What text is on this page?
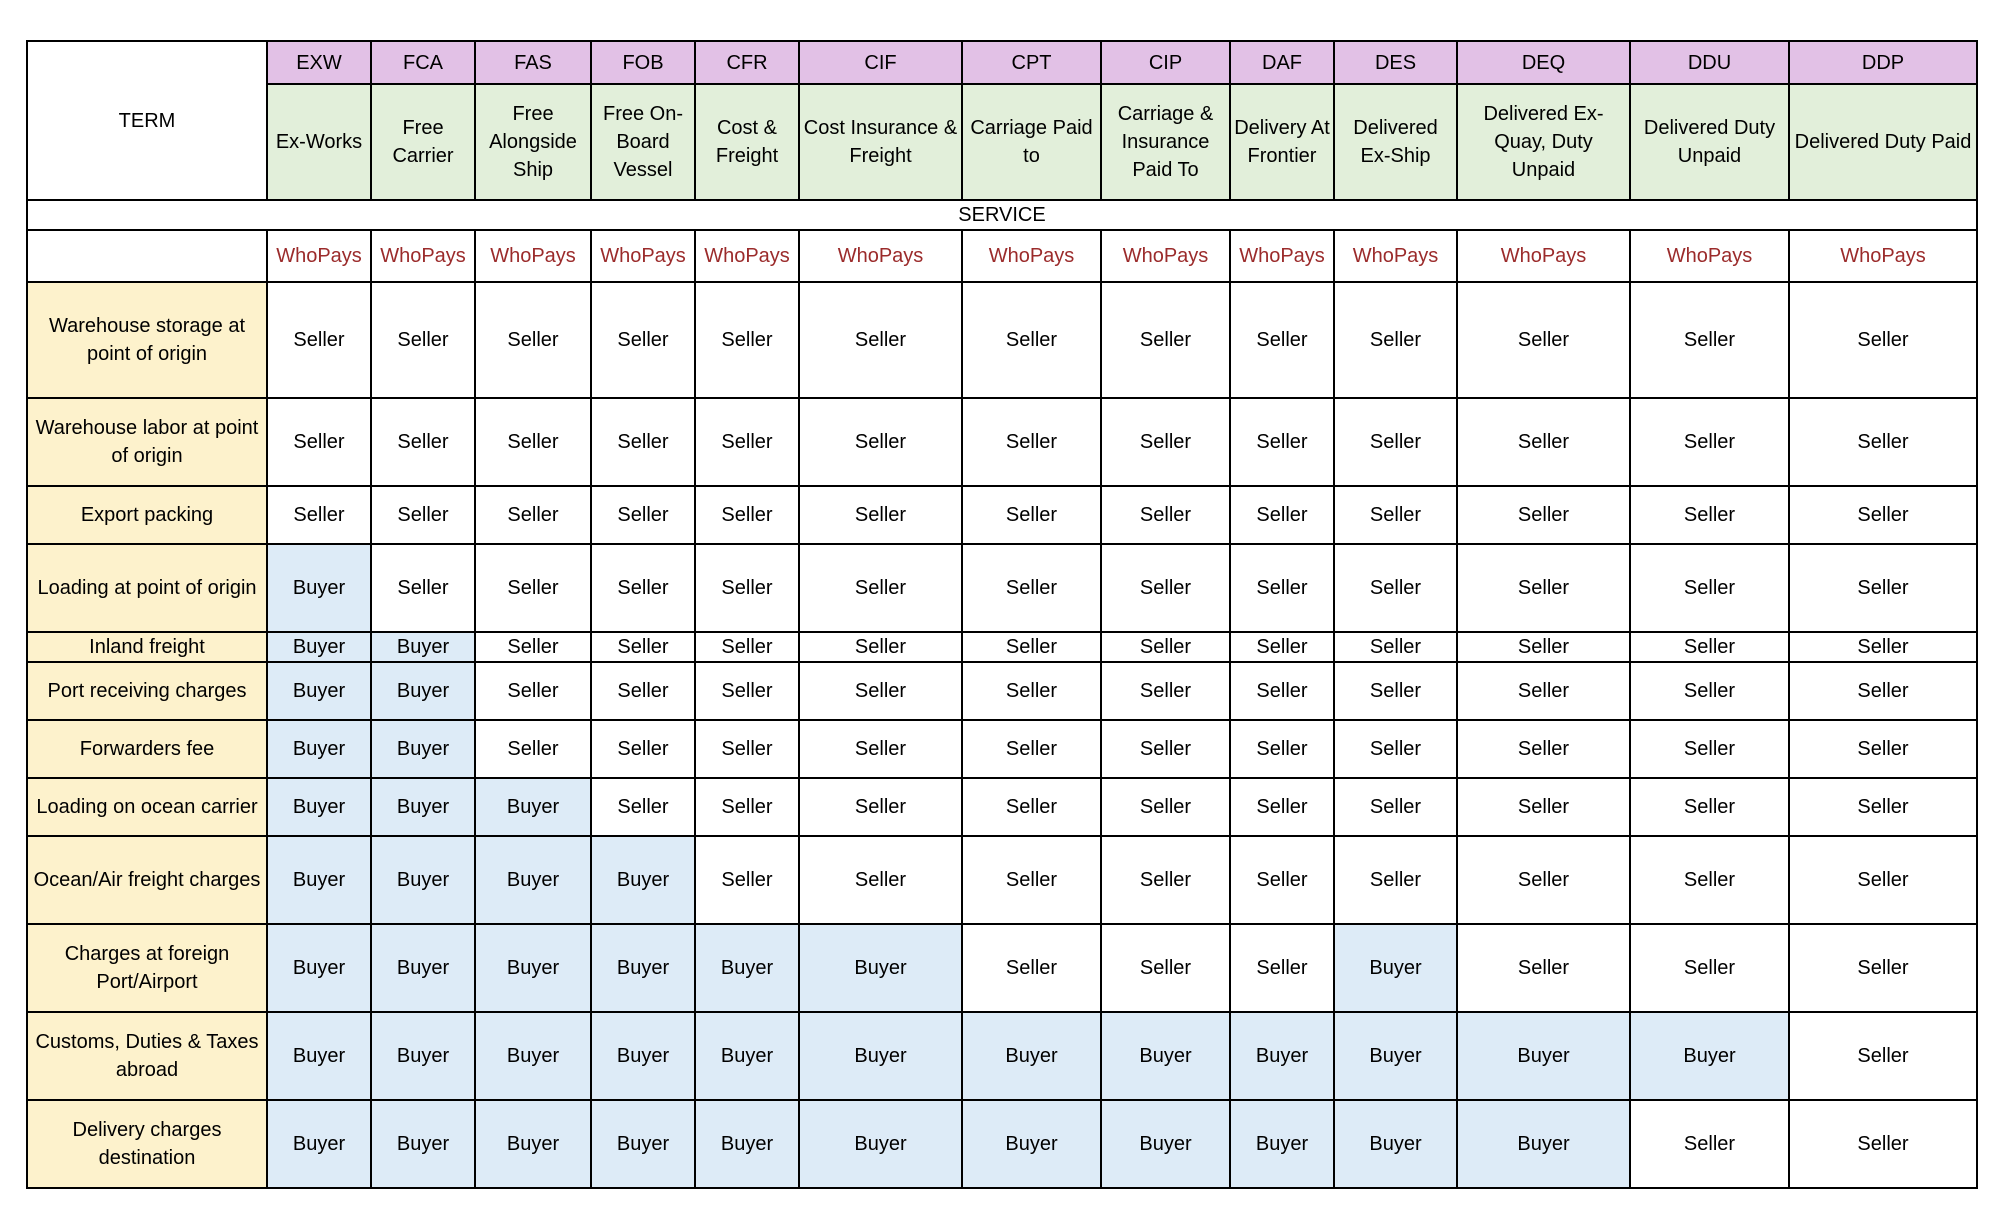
TERM	EXW	FCA	FAS	FOB	CFR	CIF	CPT	CIP	DAF	DES	DEQ	DDU	DDP
	Ex-Works	Free Carrier	Free Alongside Ship	Free On-Board Vessel	Cost & Freight	Cost Insurance & Freight	Carriage Paid to	Carriage & Insurance Paid To	Delivery At Frontier	Delivered Ex-Ship	Delivered Ex-Quay, Duty Unpaid	Delivered Duty Unpaid	Delivered Duty Paid
SERVICE													
	WhoPays	WhoPays	WhoPays	WhoPays	WhoPays	WhoPays	WhoPays	WhoPays	WhoPays	WhoPays	WhoPays	WhoPays	WhoPays
Warehouse storage at point of origin	Seller	Seller	Seller	Seller	Seller	Seller	Seller	Seller	Seller	Seller	Seller	Seller	Seller
Warehouse labor at point of origin	Seller	Seller	Seller	Seller	Seller	Seller	Seller	Seller	Seller	Seller	Seller	Seller	Seller
Export packing	Seller	Seller	Seller	Seller	Seller	Seller	Seller	Seller	Seller	Seller	Seller	Seller	Seller
Loading at point of origin	Buyer	Seller	Seller	Seller	Seller	Seller	Seller	Seller	Seller	Seller	Seller	Seller	Seller
Inland freight	Buyer	Buyer	Seller	Seller	Seller	Seller	Seller	Seller	Seller	Seller	Seller	Seller	Seller
Port receiving charges	Buyer	Buyer	Seller	Seller	Seller	Seller	Seller	Seller	Seller	Seller	Seller	Seller	Seller
Forwarders fee	Buyer	Buyer	Seller	Seller	Seller	Seller	Seller	Seller	Seller	Seller	Seller	Seller	Seller
Loading on ocean carrier	Buyer	Buyer	Buyer	Seller	Seller	Seller	Seller	Seller	Seller	Seller	Seller	Seller	Seller
Ocean/Air freight charges	Buyer	Buyer	Buyer	Buyer	Seller	Seller	Seller	Seller	Seller	Seller	Seller	Seller	Seller
Charges at foreign Port/Airport	Buyer	Buyer	Buyer	Buyer	Buyer	Buyer	Seller	Seller	Seller	Buyer	Seller	Seller	Seller
Customs, Duties & Taxes abroad	Buyer	Buyer	Buyer	Buyer	Buyer	Buyer	Buyer	Buyer	Buyer	Buyer	Buyer	Buyer	Seller
Delivery charges destination	Buyer	Buyer	Buyer	Buyer	Buyer	Buyer	Buyer	Buyer	Buyer	Buyer	Buyer	Seller	Seller
